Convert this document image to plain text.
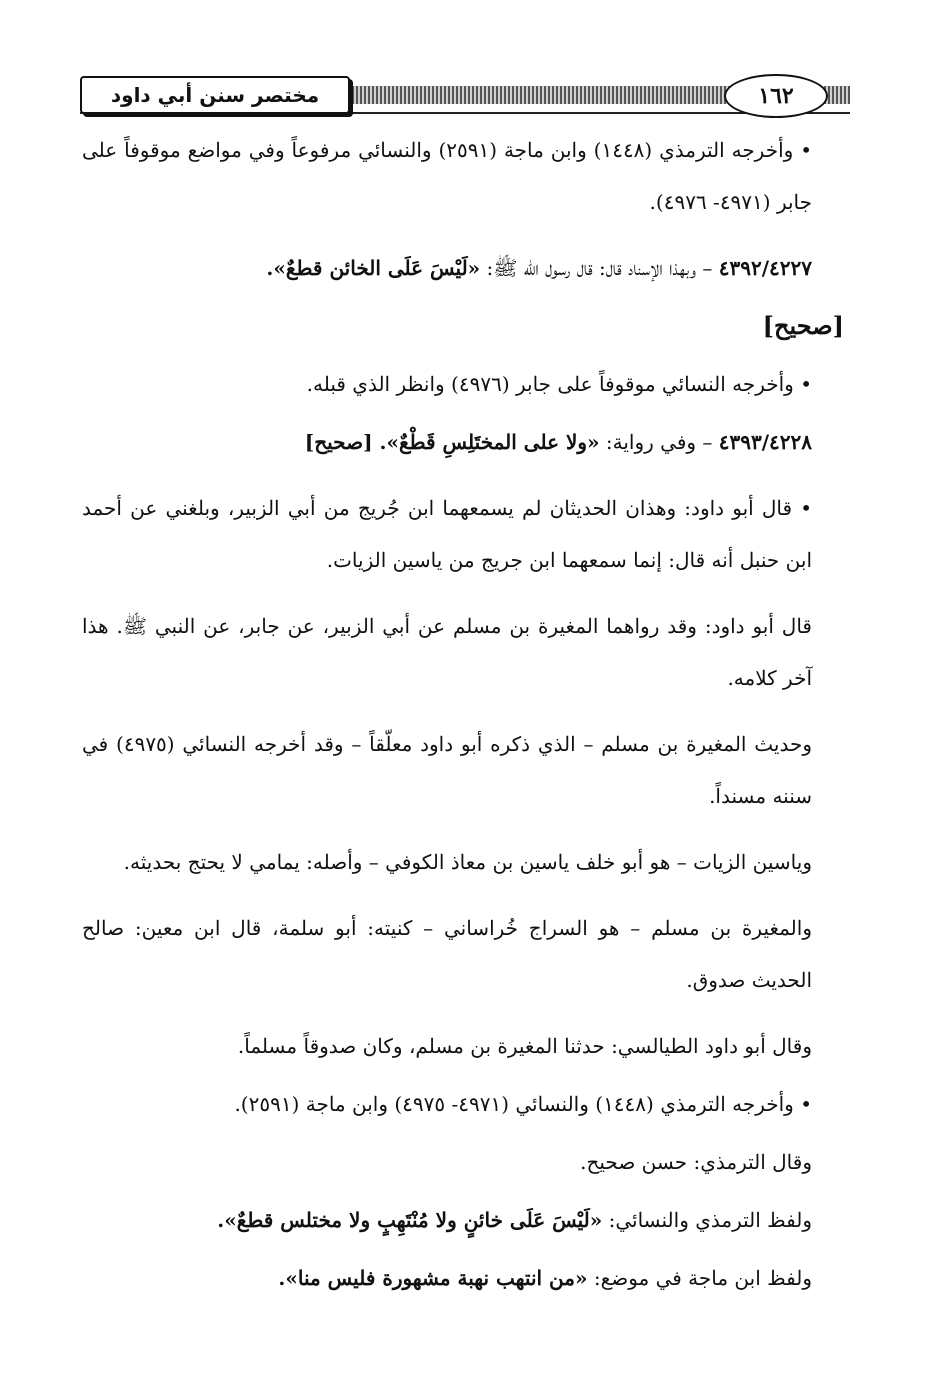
مختصر سنن أبي داود	١٦٢

• وأخرجه الترمذي (١٤٤٨) وابن ماجة (٢٥٩١) والنسائي مرفوعاً وفي مواضع موقوفاً على جابر (٤٩٧١- ٤٩٧٦).

٤٣٩٢/٤٢٢٧ – وبهذا الإسناد قال: قال رسول الله ﷺ: «لَيْسَ عَلَى الخائن قطعٌ».

[صحيح]

• وأخرجه النسائي موقوفاً على جابر (٤٩٧٦) وانظر الذي قبله.

٤٣٩٣/٤٢٢٨ – وفي رواية: «ولا على المختَلِسِ قَطْعٌ». [صحيح]

• قال أبو داود: وهذان الحديثان لم يسمعهما ابن جُريج من أبي الزبير، وبلغني عن أحمد ابن حنبل أنه قال: إنما سمعهما ابن جريج من ياسين الزيات.

قال أبو داود: وقد رواهما المغيرة بن مسلم عن أبي الزبير، عن جابر، عن النبي ﷺ. هذا آخر كلامه.

وحديث المغيرة بن مسلم – الذي ذكره أبو داود معلّقاً – وقد أخرجه النسائي (٤٩٧٥) في سننه مسنداً.

وياسين الزيات – هو أبو خلف ياسين بن معاذ الكوفي – وأصله: يمامي لا يحتج بحديثه.

والمغيرة بن مسلم – هو السراج خُراساني – كنيته: أبو سلمة، قال ابن معين: صالح الحديث صدوق.

وقال أبو داود الطيالسي: حدثنا المغيرة بن مسلم، وكان صدوقاً مسلماً.

• وأخرجه الترمذي (١٤٤٨) والنسائي (٤٩٧١- ٤٩٧٥) وابن ماجة (٢٥٩١).

وقال الترمذي: حسن صحيح.

ولفظ الترمذي والنسائي: «لَيْسَ عَلَى خائنٍ ولا مُنْتَهِبٍ ولا مختلس قطعٌ».

ولفظ ابن ماجة في موضع: «من انتهب نهبة مشهورة فليس منا».
